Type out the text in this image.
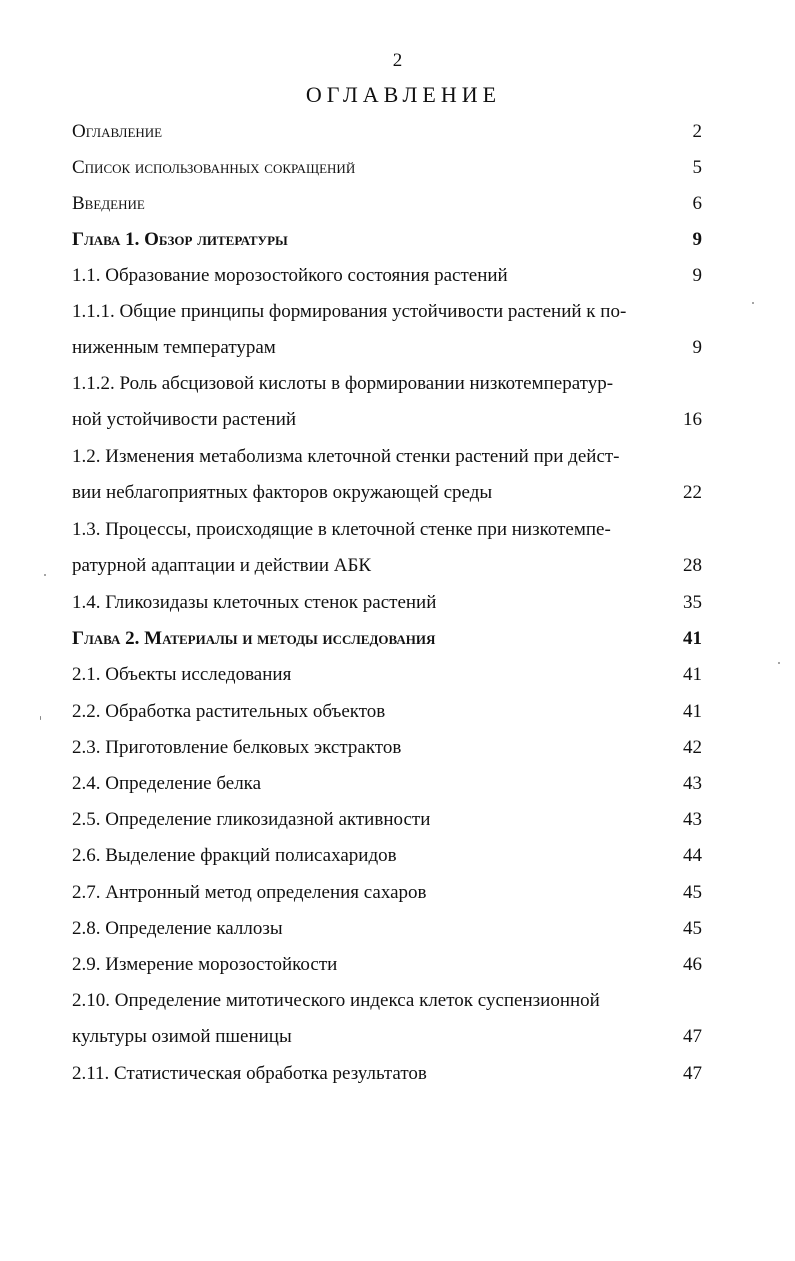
2
ОГЛАВЛЕНИЕ
Оглавление	2
Список использованных сокращений	5
Введение	6
Глава 1. Обзор литературы	9
1.1. Образование морозостойкого состояния растений	9
1.1.1. Общие принципы формирования устойчивости растений к по-
ниженным температурам	9
1.1.2. Роль абсцизовой кислоты в формировании низкотемператур-
ной устойчивости растений	16
1.2. Изменения метаболизма клеточной стенки растений при дейст-
вии неблагоприятных факторов окружающей среды	22
1.3. Процессы, происходящие в клеточной стенке при низкотемпе-
ратурной адаптации и действии АБК	28
1.4. Гликозидазы клеточных стенок растений	35
Глава 2. Материалы и методы исследования	41
2.1. Объекты исследования	41
2.2. Обработка растительных объектов	41
2.3. Приготовление белковых экстрактов	42
2.4. Определение белка	43
2.5. Определение гликозидазной активности	43
2.6. Выделение фракций полисахаридов	44
2.7. Антронный метод определения сахаров	45
2.8. Определение каллозы	45
2.9. Измерение морозостойкости	46
2.10. Определение митотического индекса клеток суспензионной
культуры озимой пшеницы	47
2.11. Статистическая обработка результатов	47
